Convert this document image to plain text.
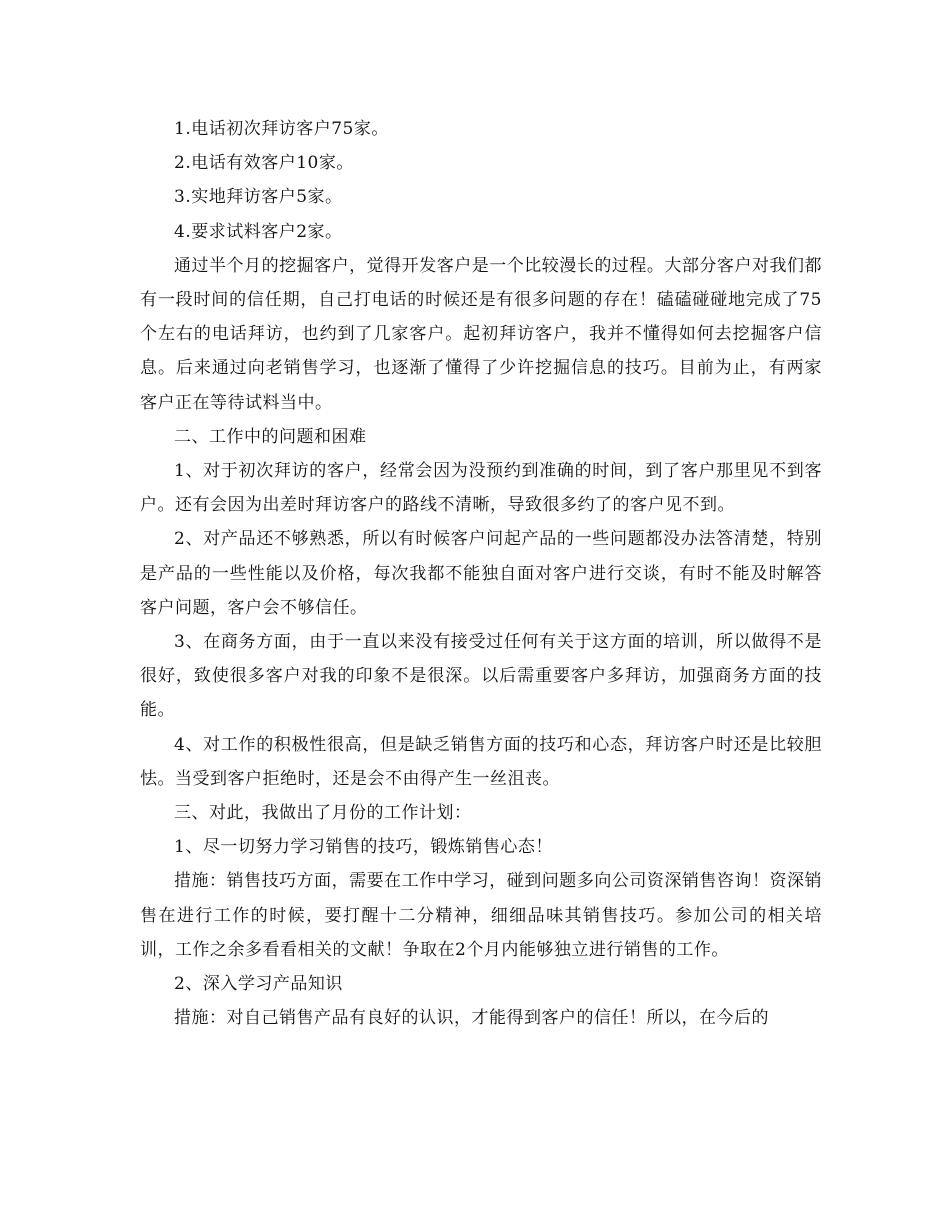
1.电话初次拜访客户75家。

2.电话有效客户10家。

3.实地拜访客户5家。

4.要求试料客户2家。

通过半个月的挖掘客户，觉得开发客户是一个比较漫长的过程。大部分客户对我们都有一段时间的信任期，自己打电话的时候还是有很多问题的存在！磕磕碰碰地完成了75个左右的电话拜访，也约到了几家客户。起初拜访客户，我并不懂得如何去挖掘客户信息。后来通过向老销售学习，也逐渐了懂得了少许挖掘信息的技巧。目前为止，有两家客户正在等待试料当中。

二、工作中的问题和困难

1、对于初次拜访的客户，经常会因为没预约到准确的时间，到了客户那里见不到客户。还有会因为出差时拜访客户的路线不清晰，导致很多约了的客户见不到。

2、对产品还不够熟悉，所以有时候客户问起产品的一些问题都没办法答清楚，特别是产品的一些性能以及价格，每次我都不能独自面对客户进行交谈，有时不能及时解答客户问题，客户会不够信任。

3、在商务方面，由于一直以来没有接受过任何有关于这方面的培训，所以做得不是很好，致使很多客户对我的印象不是很深。以后需重要客户多拜访，加强商务方面的技能。

4、对工作的积极性很高，但是缺乏销售方面的技巧和心态，拜访客户时还是比较胆怯。当受到客户拒绝时，还是会不由得产生一丝沮丧。

三、对此，我做出了月份的工作计划：

1、尽一切努力学习销售的技巧，锻炼销售心态！

措施：销售技巧方面，需要在工作中学习，碰到问题多向公司资深销售咨询！资深销售在进行工作的时候，要打醒十二分精神，细细品味其销售技巧。参加公司的相关培训，工作之余多看看相关的文献！争取在2个月内能够独立进行销售的工作。

2、深入学习产品知识

措施：对自己销售产品有良好的认识，才能得到客户的信任！所以，在今后的
